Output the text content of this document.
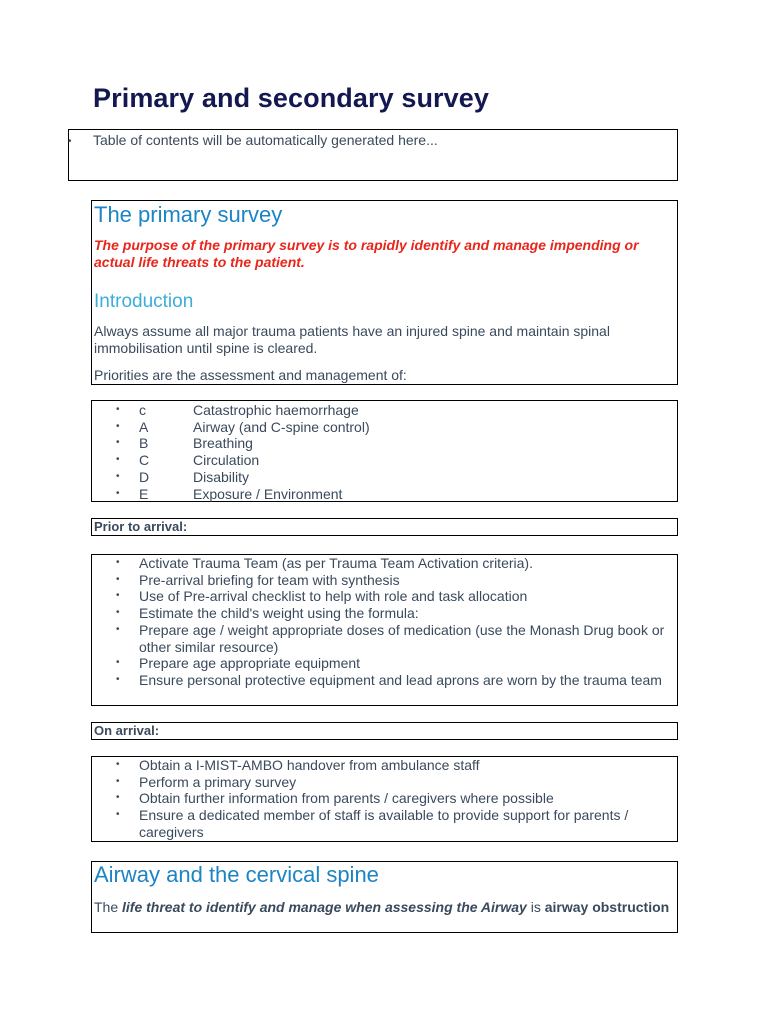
Primary and secondary survey
• Table of contents will be automatically generated here...
The primary survey

The purpose of the primary survey is to rapidly identify and manage impending or actual life threats to the patient.

Introduction

Always assume all major trauma patients have an injured spine and maintain spinal immobilisation until spine is cleared.

Priorities are the assessment and management of:

• c	Catastrophic haemorrhage
• A	Airway (and C-spine control)
• B	Breathing
• C	Circulation
• D	Disability
• E	Exposure / Environment
Prior to arrival:
• Activate Trauma Team (as per Trauma Team Activation criteria).
• Pre-arrival briefing for team with synthesis
• Use of Pre-arrival checklist to help with role and task allocation
• Estimate the child's weight using the formula:
• Prepare age / weight appropriate doses of medication (use the Monash Drug book or other similar resource)
• Prepare age appropriate equipment
• Ensure personal protective equipment and lead aprons are worn by the trauma team
On arrival:
• Obtain a I-MIST-AMBO handover from ambulance staff
• Perform a primary survey
• Obtain further information from parents / caregivers where possible
• Ensure a dedicated member of staff is available to provide support for parents / caregivers
Airway and the cervical spine

The life threat to identify and manage when assessing the Airway is airway obstruction
